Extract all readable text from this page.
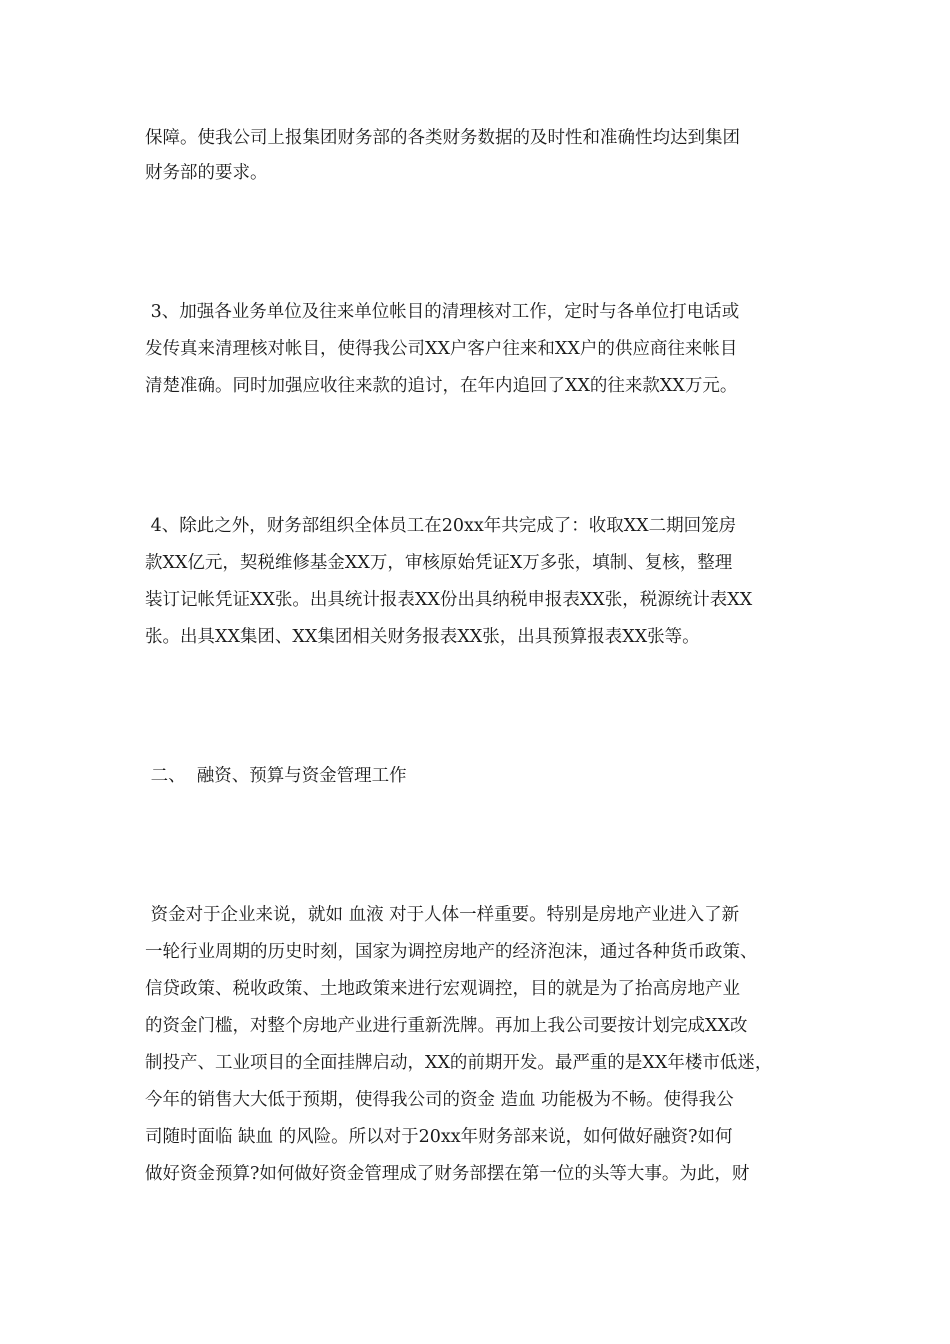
保障。使我公司上报集团财务部的各类财务数据的及时性和准确性均达到集团
财务部的要求。
3、加强各业务单位及往来单位帐目的清理核对工作，定时与各单位打电话或
发传真来清理核对帐目，使得我公司XX户客户往来和XX户的供应商往来帐目
清楚准确。同时加强应收往来款的追讨，在年内追回了XX的往来款XX万元。
4、除此之外，财务部组织全体员工在20xx年共完成了：收取XX二期回笼房
款XX亿元，契税维修基金XX万，审核原始凭证X万多张，填制、复核，整理
装订记帐凭证XX张。出具统计报表XX份出具纳税申报表XX张，税源统计表XX
张。出具XX集团、XX集团相关财务报表XX张，出具预算报表XX张等。
二、  融资、预算与资金管理工作
资金对于企业来说，就如 血液 对于人体一样重要。特别是房地产业进入了新
一轮行业周期的历史时刻，国家为调控房地产的经济泡沫，通过各种货币政策、
信贷政策、税收政策、土地政策来进行宏观调控，目的就是为了抬高房地产业
的资金门槛，对整个房地产业进行重新洗牌。再加上我公司要按计划完成XX改
制投产、工业项目的全面挂牌启动，XX的前期开发。最严重的是XX年楼市低迷，
今年的销售大大低于预期，使得我公司的资金 造血 功能极为不畅。使得我公
司随时面临 缺血 的风险。所以对于20xx年财务部来说，如何做好融资?如何
做好资金预算?如何做好资金管理成了财务部摆在第一位的头等大事。为此，财
